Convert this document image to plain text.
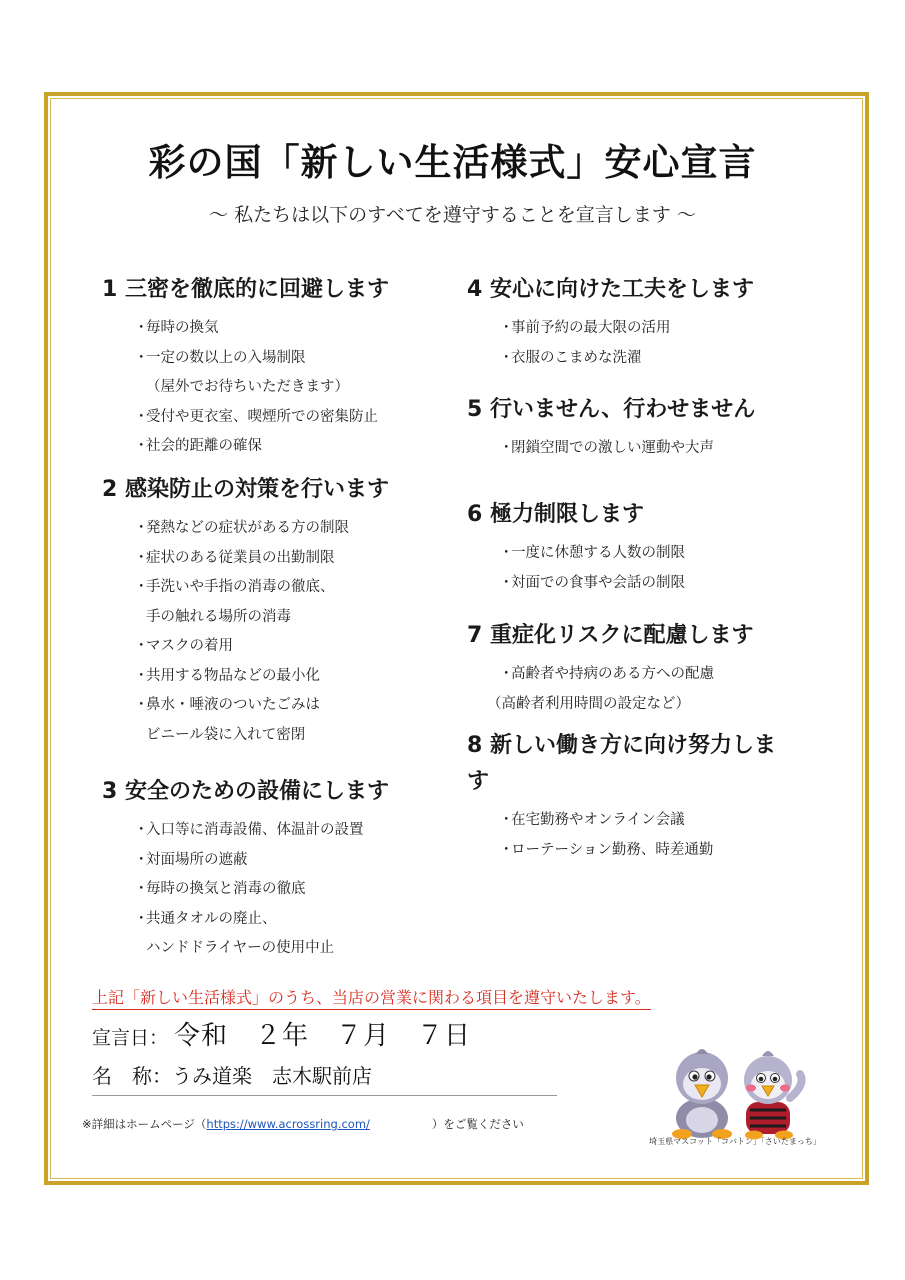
彩の国「新しい生活様式」安心宣言
～ 私たちは以下のすべてを遵守することを宣言します ～
1 三密を徹底的に回避します
・毎時の換気
・一定の数以上の入場制限
（屋外でお待ちいただきます）
・受付や更衣室、喫煙所での密集防止
・社会的距離の確保
2 感染防止の対策を行います
・発熱などの症状がある方の制限
・症状のある従業員の出勤制限
・手洗いや手指の消毒の徹底、
手の触れる場所の消毒
・マスクの着用
・共用する物品などの最小化
・鼻水・唾液のついたごみは
ビニール袋に入れて密閉
3 安全のための設備にします
・入口等に消毒設備、体温計の設置
・対面場所の遮蔽
・毎時の換気と消毒の徹底
・共通タオルの廃止、
ハンドドライヤーの使用中止
4 安心に向けた工夫をします
・事前予約の最大限の活用
・衣服のこまめな洗濯
5 行いません、行わせません
・閉鎖空間での激しい運動や大声
6 極力制限します
・一度に休憩する人数の制限
・対面での食事や会話の制限
7 重症化リスクに配慮します
・高齢者や持病のある方への配慮
（高齢者利用時間の設定など）
8 新しい働き方に向け努力します
・在宅勤務やオンライン会議
・ローテーション勤務、時差通勤
上記「新しい生活様式」のうち、当店の営業に関わる項目を遵守いたします。
宣言日： 令和　２年　７月　７日
名　称：うみ道楽　志木駅前店
※詳細はホームページ（https://www.acrossring.com/	）をご覧ください
埼玉県マスコット「コバトン」「さいたまっち」
